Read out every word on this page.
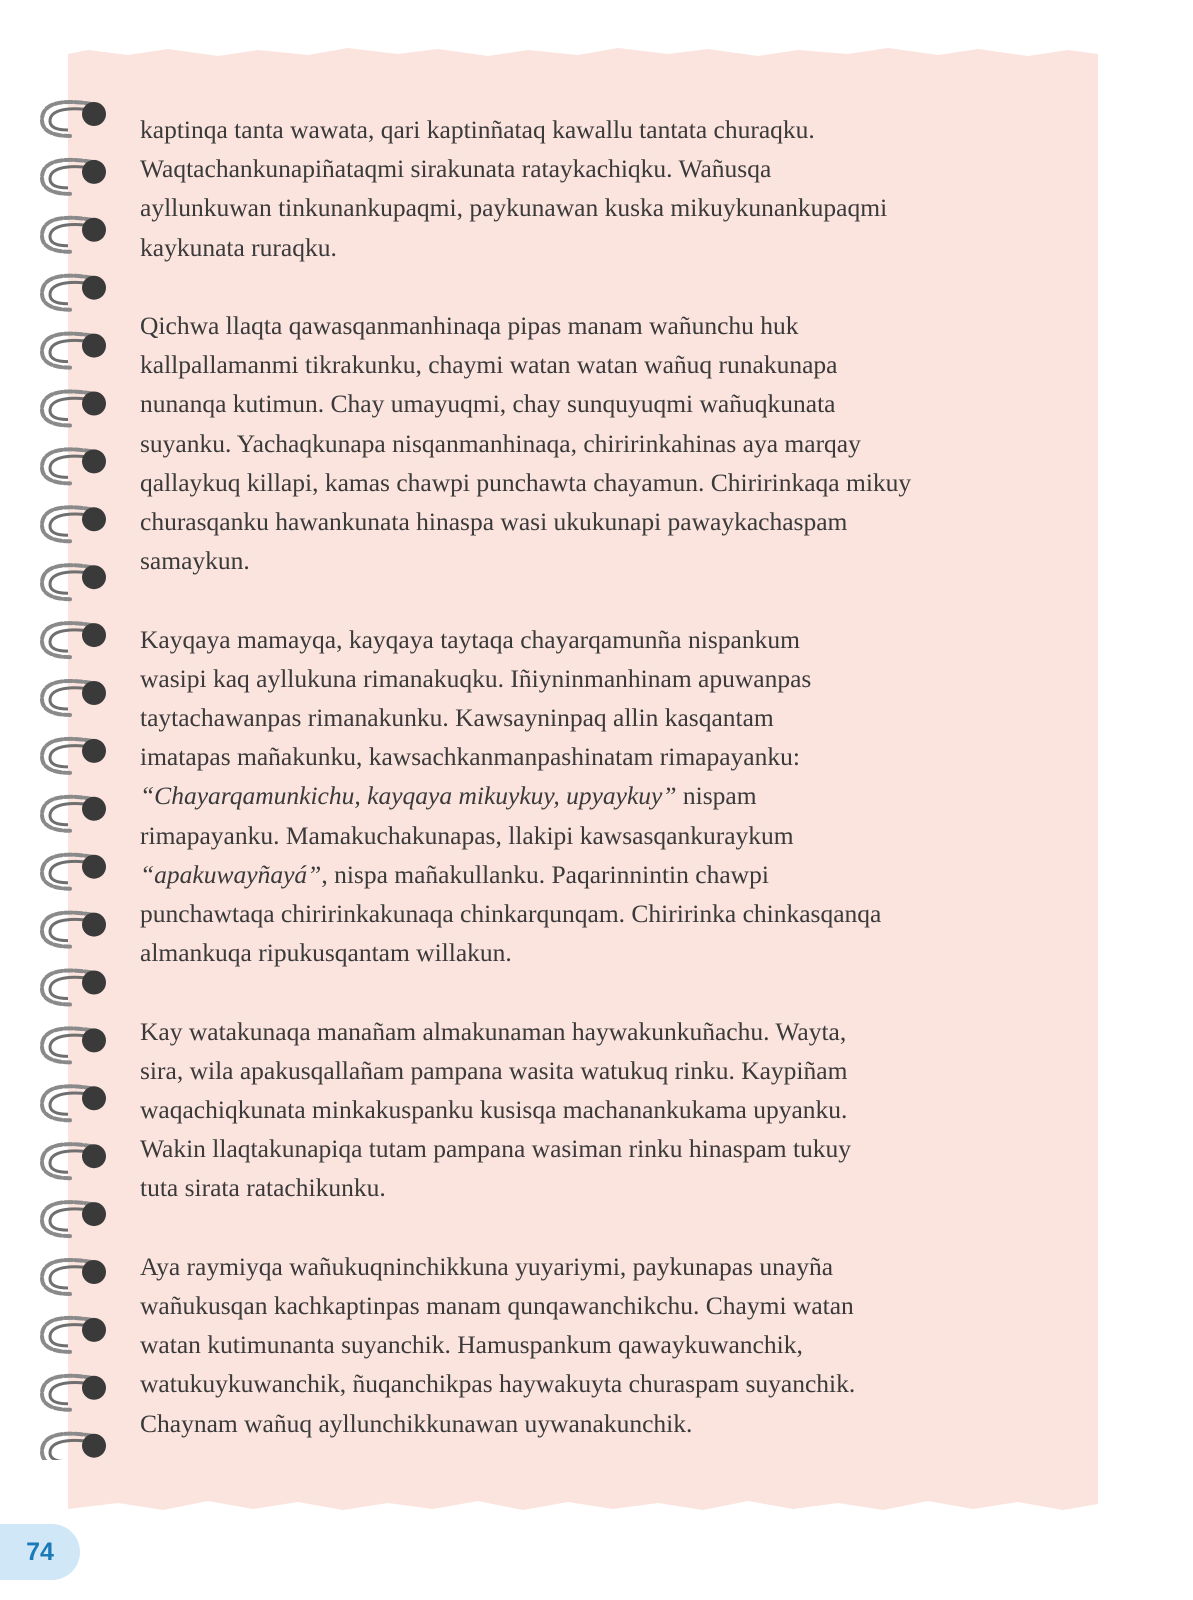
kaptinqa tanta wawata, qari kaptinñataq kawallu tantata churaqku.
Waqtachankunapiñataqmi sirakunata rataykachiqku. Wañusqa
ayllunkuwan tinkunankupaqmi, paykunawan kuska mikuykunankupaqmi
kaykunata ruraqku.

Qichwa llaqta qawasqanmanhinaqa pipas manam wañunchu huk
kallpallamanmi tikrakunku, chaymi watan watan wañuq runakunapa
nunanqa kutimun. Chay umayuqmi, chay sunquyuqmi wañuqkunata
suyanku. Yachaqkunapa nisqanmanhinaqa, chiririnkahinas aya marqay
qallaykuq killapi, kamas chawpi punchawta chayamun. Chiririnkaqa mikuy
churasqanku hawankunata hinaspa wasi ukukunapi pawaykachaspam
samaykun.

Kayqaya mamayqa, kayqaya taytaqa chayarqamunña nispankum
wasipi kaq ayllukuna rimanakuqku. Iñiyninmanhinam apuwanpas
taytachawanpas rimanakunku. Kawsayninpaq allin kasqantam
imatapas mañakunku, kawsachkanmanpashinatam rimapayanku:
“Chayarqamunkichu, kayqaya mikuykuy, upyaykuy” nispam
rimapayanku. Mamakuchakunapas, llakipi kawsasqankuraykum
“apakuwayñayá”, nispa mañakullanku. Paqarinnintin chawpi
punchawtaqa chiririnkakunaqa chinkarqunqam. Chiririnka chinkasqanqa
almankuqa ripukusqantam willakun.

Kay watakunaqa manañam almakunaman haywakunkuñachu. Wayta,
sira, wila apakusqallañam pampana wasita watukuq rinku. Kaypiñam
waqachiqkunata minkakuspanku kusisqa machanankukama upyanku.
Wakin llaqtakunapiqa tutam pampana wasiman rinku hinaspam tukuy
tuta sirata ratachikunku.

Aya raymiyqa wañukuqninchikkuna yuyariymi, paykunapas unayña
wañukusqan kachkaptinpas manam qunqawanchikchu. Chaymi watan
watan kutimunanta suyanchik. Hamuspankum qawaykuwanchik,
watukuykuwanchik, ñuqanchikpas haywakuyta churaspam suyanchik.
Chaynam wañuq ayllunchikkunawan uywanakunchik.

74
